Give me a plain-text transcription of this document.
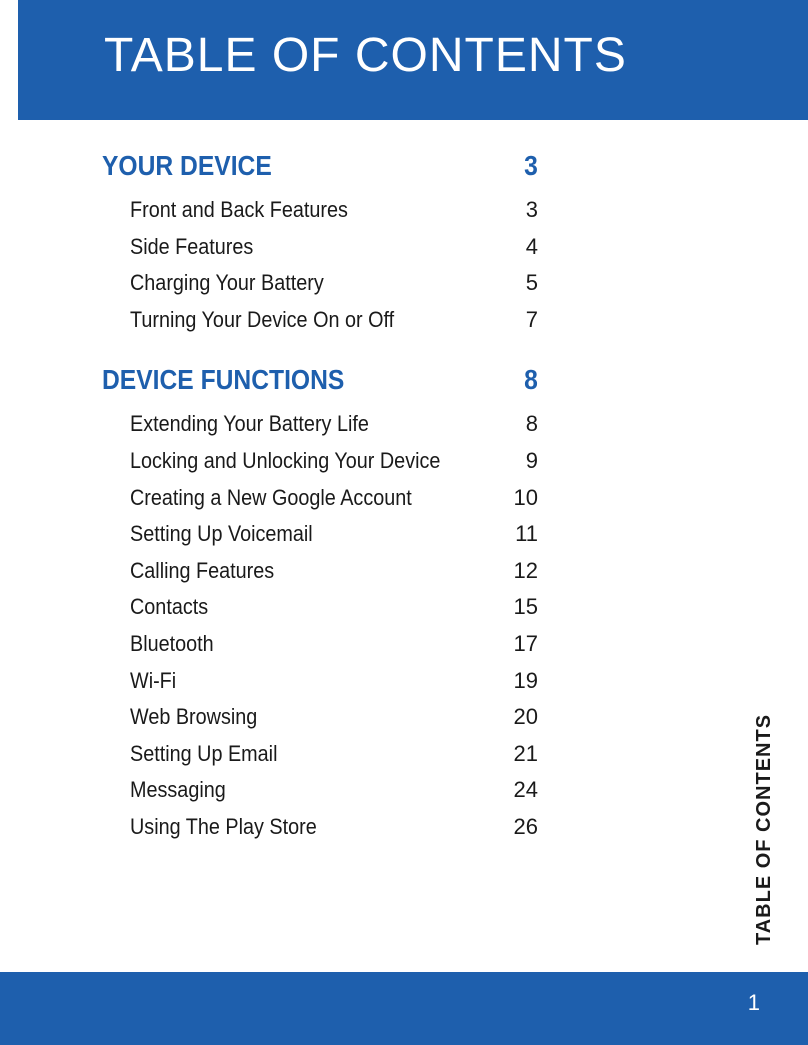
TABLE OF CONTENTS
YOUR DEVICE	3
Front and Back Features	3
Side Features	4
Charging Your Battery	5
Turning Your Device On or Off	7
DEVICE FUNCTIONS	8
Extending Your Battery Life	8
Locking and Unlocking Your Device	9
Creating a New Google Account	10
Setting Up Voicemail	11
Calling Features	12
Contacts	15
Bluetooth	17
Wi-Fi	19
Web Browsing	20
Setting Up Email	21
Messaging	24
Using The Play Store	26	TABLE OF CONTENTS
1
